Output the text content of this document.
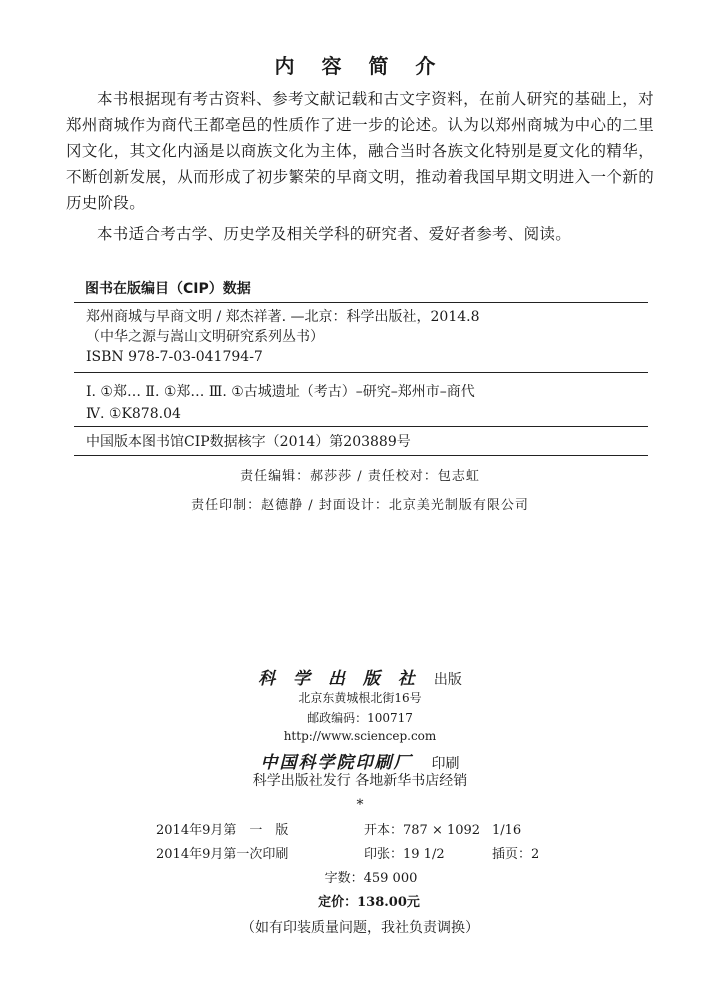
内 容 简 介

本书根据现有考古资料、参考文献记载和古文字资料，在前人研究的基础上，对郑州商城作为商代王都亳邑的性质作了进一步的论述。认为以郑州商城为中心的二里冈文化，其文化内涵是以商族文化为主体，融合当时各族文化特别是夏文化的精华，不断创新发展，从而形成了初步繁荣的早商文明，推动着我国早期文明进入一个新的历史阶段。

本书适合考古学、历史学及相关学科的研究者、爱好者参考、阅读。

图书在版编目（CIP）数据
郑州商城与早商文明 / 郑杰祥著. —北京：科学出版社，2014.8
（中华之源与嵩山文明研究系列丛书）
ISBN 978-7-03-041794-7
Ⅰ. ①郑… Ⅱ. ①郑… Ⅲ. ①古城遗址（考古）–研究–郑州市–商代
Ⅳ. ①K878.04
中国版本图书馆CIP数据核字（2014）第203889号
责任编辑：郝莎莎 / 责任校对：包志虹
责任印制：赵德静 / 封面设计：北京美光制版有限公司
科 学 出 版 社 出版
北京东黄城根北街16号
邮政编码：100717
http://www.sciencep.com
中国科学院印刷厂 印刷
科学出版社发行 各地新华书店经销
*
2014年9月第　一　版	开本：787 × 1092 1/16
2014年9月第一次印刷	印张：19 1/2	插页：2
字数：459 000
定价： 138.00元
（如有印装质量问题，我社负责调换）
